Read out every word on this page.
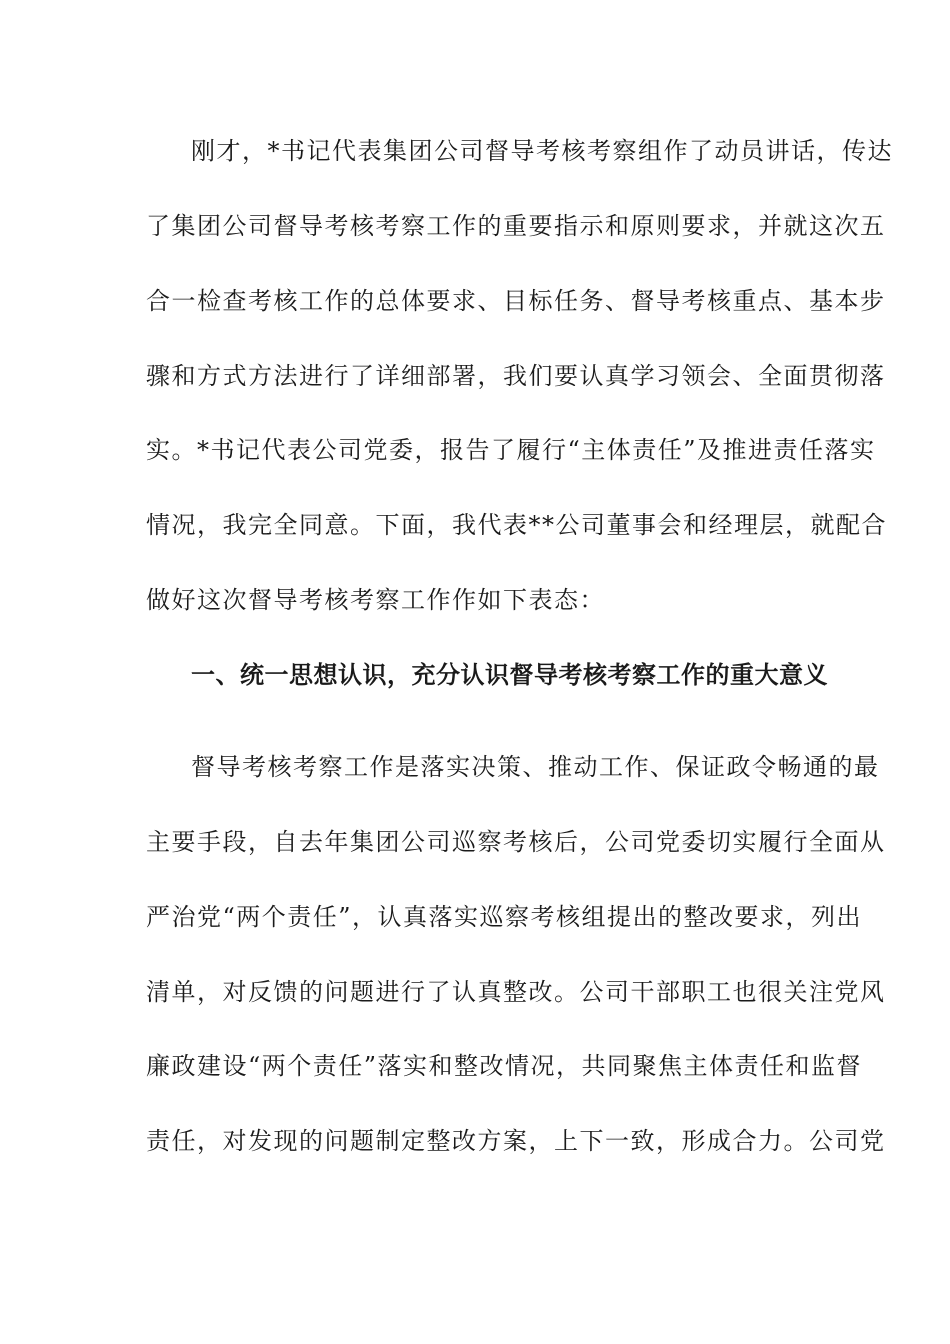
刚才，*书记代表集团公司督导考核考察组作了动员讲话，传达
了集团公司督导考核考察工作的重要指示和原则要求，并就这次五
合一检查考核工作的总体要求、目标任务、督导考核重点、基本步
骤和方式方法进行了详细部署，我们要认真学习领会、全面贯彻落
实。*书记代表公司党委，报告了履行“主体责任”及推进责任落实
情况，我完全同意。下面，我代表**公司董事会和经理层，就配合
做好这次督导考核考察工作作如下表态：
一、统一思想认识，充分认识督导考核考察工作的重大意义
督导考核考察工作是落实决策、推动工作、保证政令畅通的最
主要手段，自去年集团公司巡察考核后，公司党委切实履行全面从
严治党“两个责任”，认真落实巡察考核组提出的整改要求，列出
清单，对反馈的问题进行了认真整改。公司干部职工也很关注党风
廉政建设“两个责任”落实和整改情况，共同聚焦主体责任和监督
责任，对发现的问题制定整改方案，上下一致，形成合力。公司党
